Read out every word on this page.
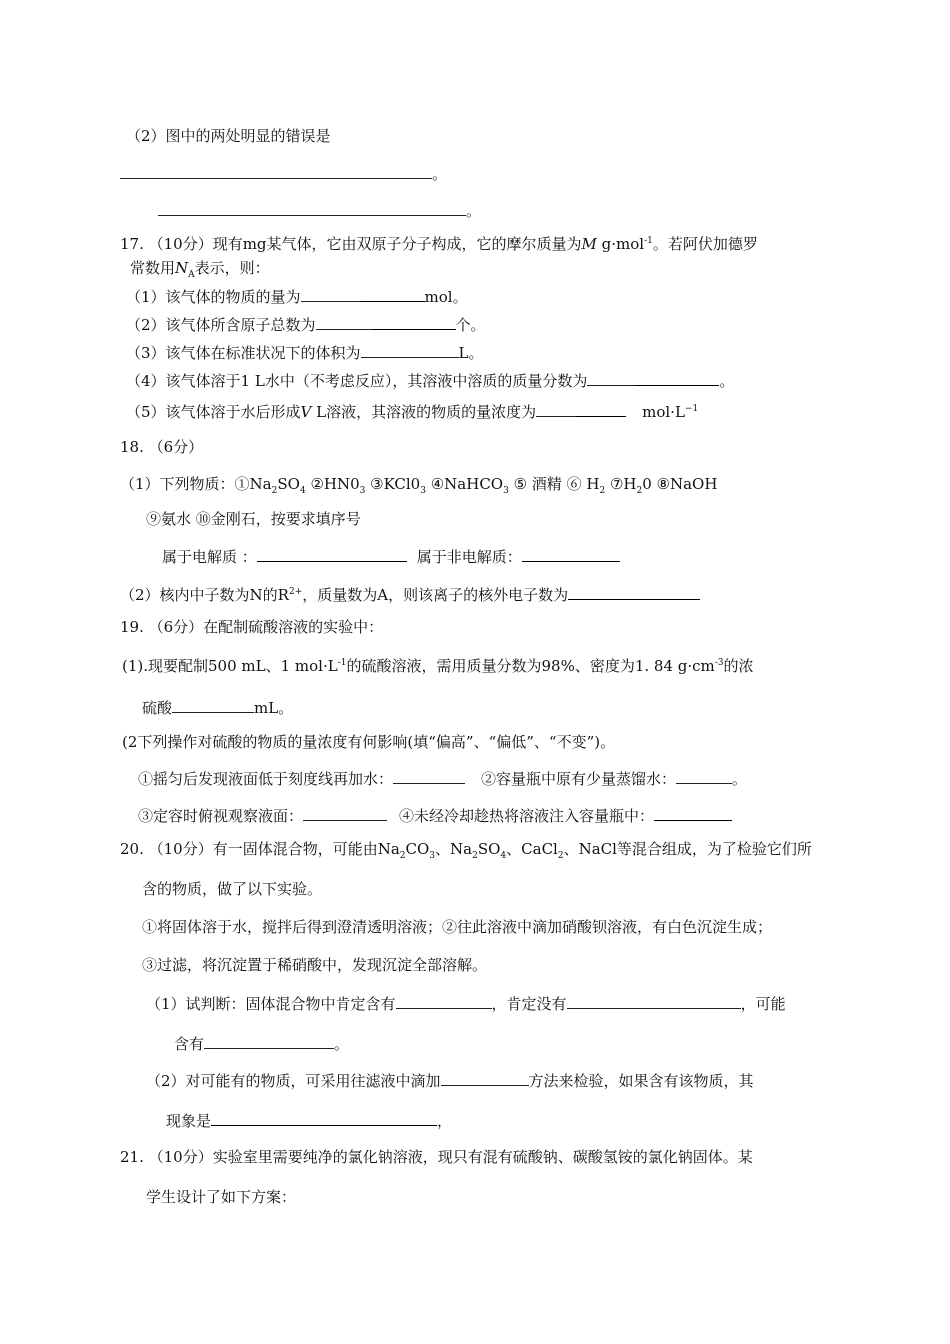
（2）图中的两处明显的错误是
。
。
17. （10分）现有mg某气体，它由双原子分子构成，它的摩尔质量为M g·mol$^{-1}$。若阿伏加德罗
常数用$N_A$表示，则：
（1）该气体的物质的量为	mol。
（2）该气体所含原子总数为	个。
（3）该气体在标准状况下的体积为	L。
（4）该气体溶于1 L水中（不考虑反应），其溶液中溶质的质量分数为	。
（5）该气体溶于水后形成V L溶液，其溶液的物质的量浓度为	$mol\cdot L^{-1}$
18. （6分）
（1）下列物质：$①Na_2SO_4$ $②HN0_3$ $③KCl0_3$ ④NaHCO$_3$ ⑤ 酒精 ⑥ $H_2$ $⑦H_20$ ⑧NaOH
⑨氨水 ⑩金刚石，按要求填序号
属于电解质 ：	属于非电解质：
（2）核内中子数为N的$R^{2+}$，质量数为A，则该离子的核外电子数为
19. （6分）在配制硫酸溶液的实验中：
(1).现要配制500 mL、1 $mol\cdot L^{-1}$的硫酸溶液，需用质量分数为98%、密度为1. 84 $g\cdot cm^{-3}$的浓
硫酸	mL。
(2下列操作对硫酸的物质的量浓度有何影响(填“偏高”、“偏低”、“不变”)。
①摇匀后发现液面低于刻度线再加水：	②容量瓶中原有少量蒸馏水：	。
③定容时俯视观察液面：	④未经冷却趁热将溶液注入容量瓶中：
20. （10分）有一固体混合物，可能由$Na_2CO_3$、$Na_2SO_4$、CaCl$_2$、NaCl等混合组成，为了检验它们所
含的物质，做了以下实验。
①将固体溶于水，搅拌后得到澄清透明溶液；②往此溶液中滴加硝酸钡溶液，有白色沉淀生成；
③过滤，将沉淀置于稀硝酸中，发现沉淀全部溶解。
（1）试判断：固体混合物中肯定含有	，肯定没有	，可能
含有	。
（2）对可能有的物质，可采用往滤液中滴加	方法来检验，如果含有该物质，其
现象是	，
21. （10分）实验室里需要纯净的氯化钠溶液，现只有混有硫酸钠、碳酸氢铵的氯化钠固体。某
学生设计了如下方案：
